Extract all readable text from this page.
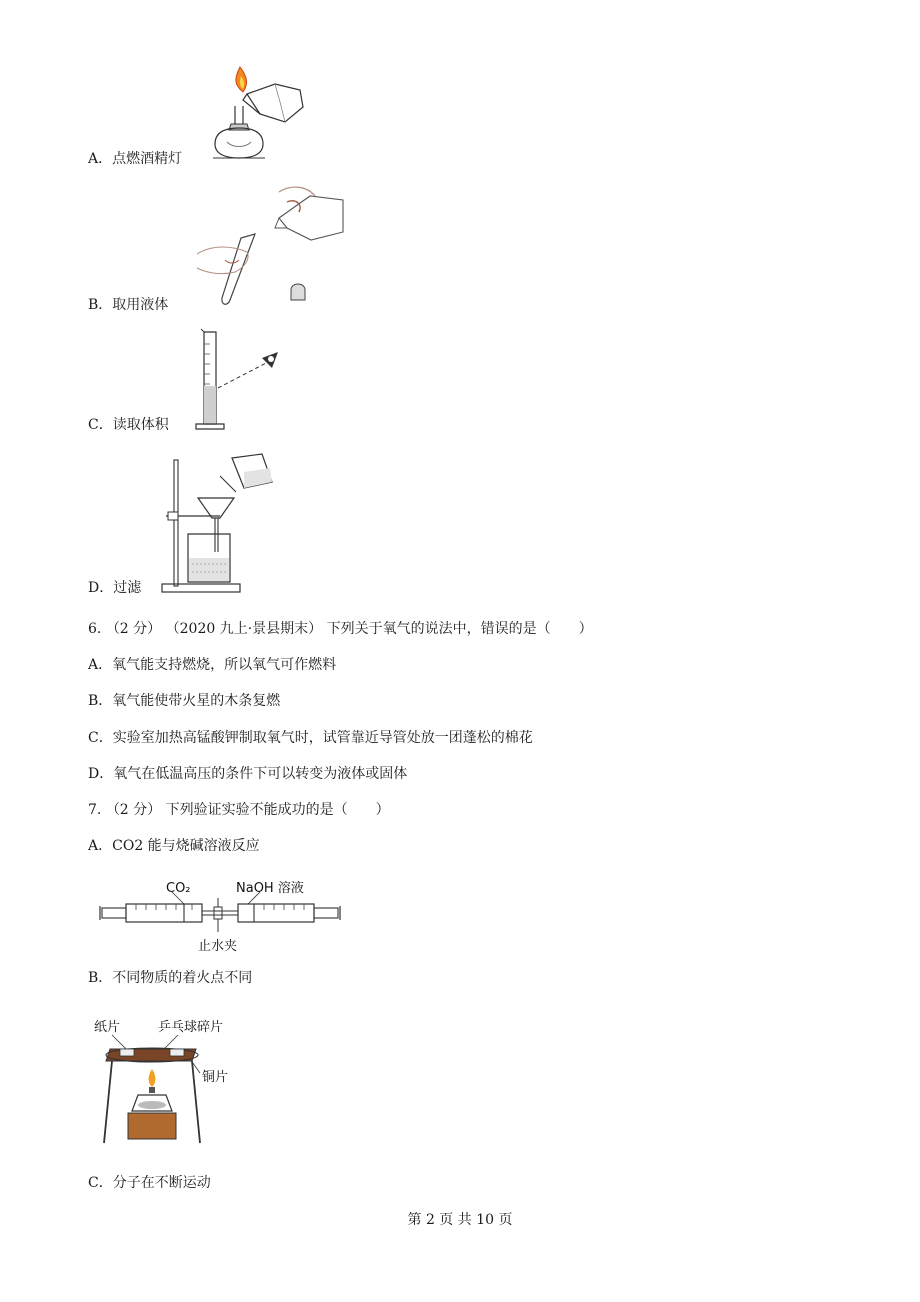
A．点燃酒精灯
B．取用液体
C．读取体积
D．过滤
6. （2 分） （2020 九上·景县期末） 下列关于氧气的说法中，错误的是（　　）
A．氧气能支持燃烧，所以氧气可作燃料
B．氧气能使带火星的木条复燃
C．实验室加热高锰酸钾制取氧气时，试管靠近导管处放一团蓬松的棉花
D．氧气在低温高压的条件下可以转变为液体或固体
7. （2 分） 下列验证实验不能成功的是（　　）
A．CO2 能与烧碱溶液反应
CO₂	NaOH 溶液
止水夹
B．不同物质的着火点不同
纸片	乒乓球碎片
铜片
C．分子在不断运动
第 2 页 共 10 页
